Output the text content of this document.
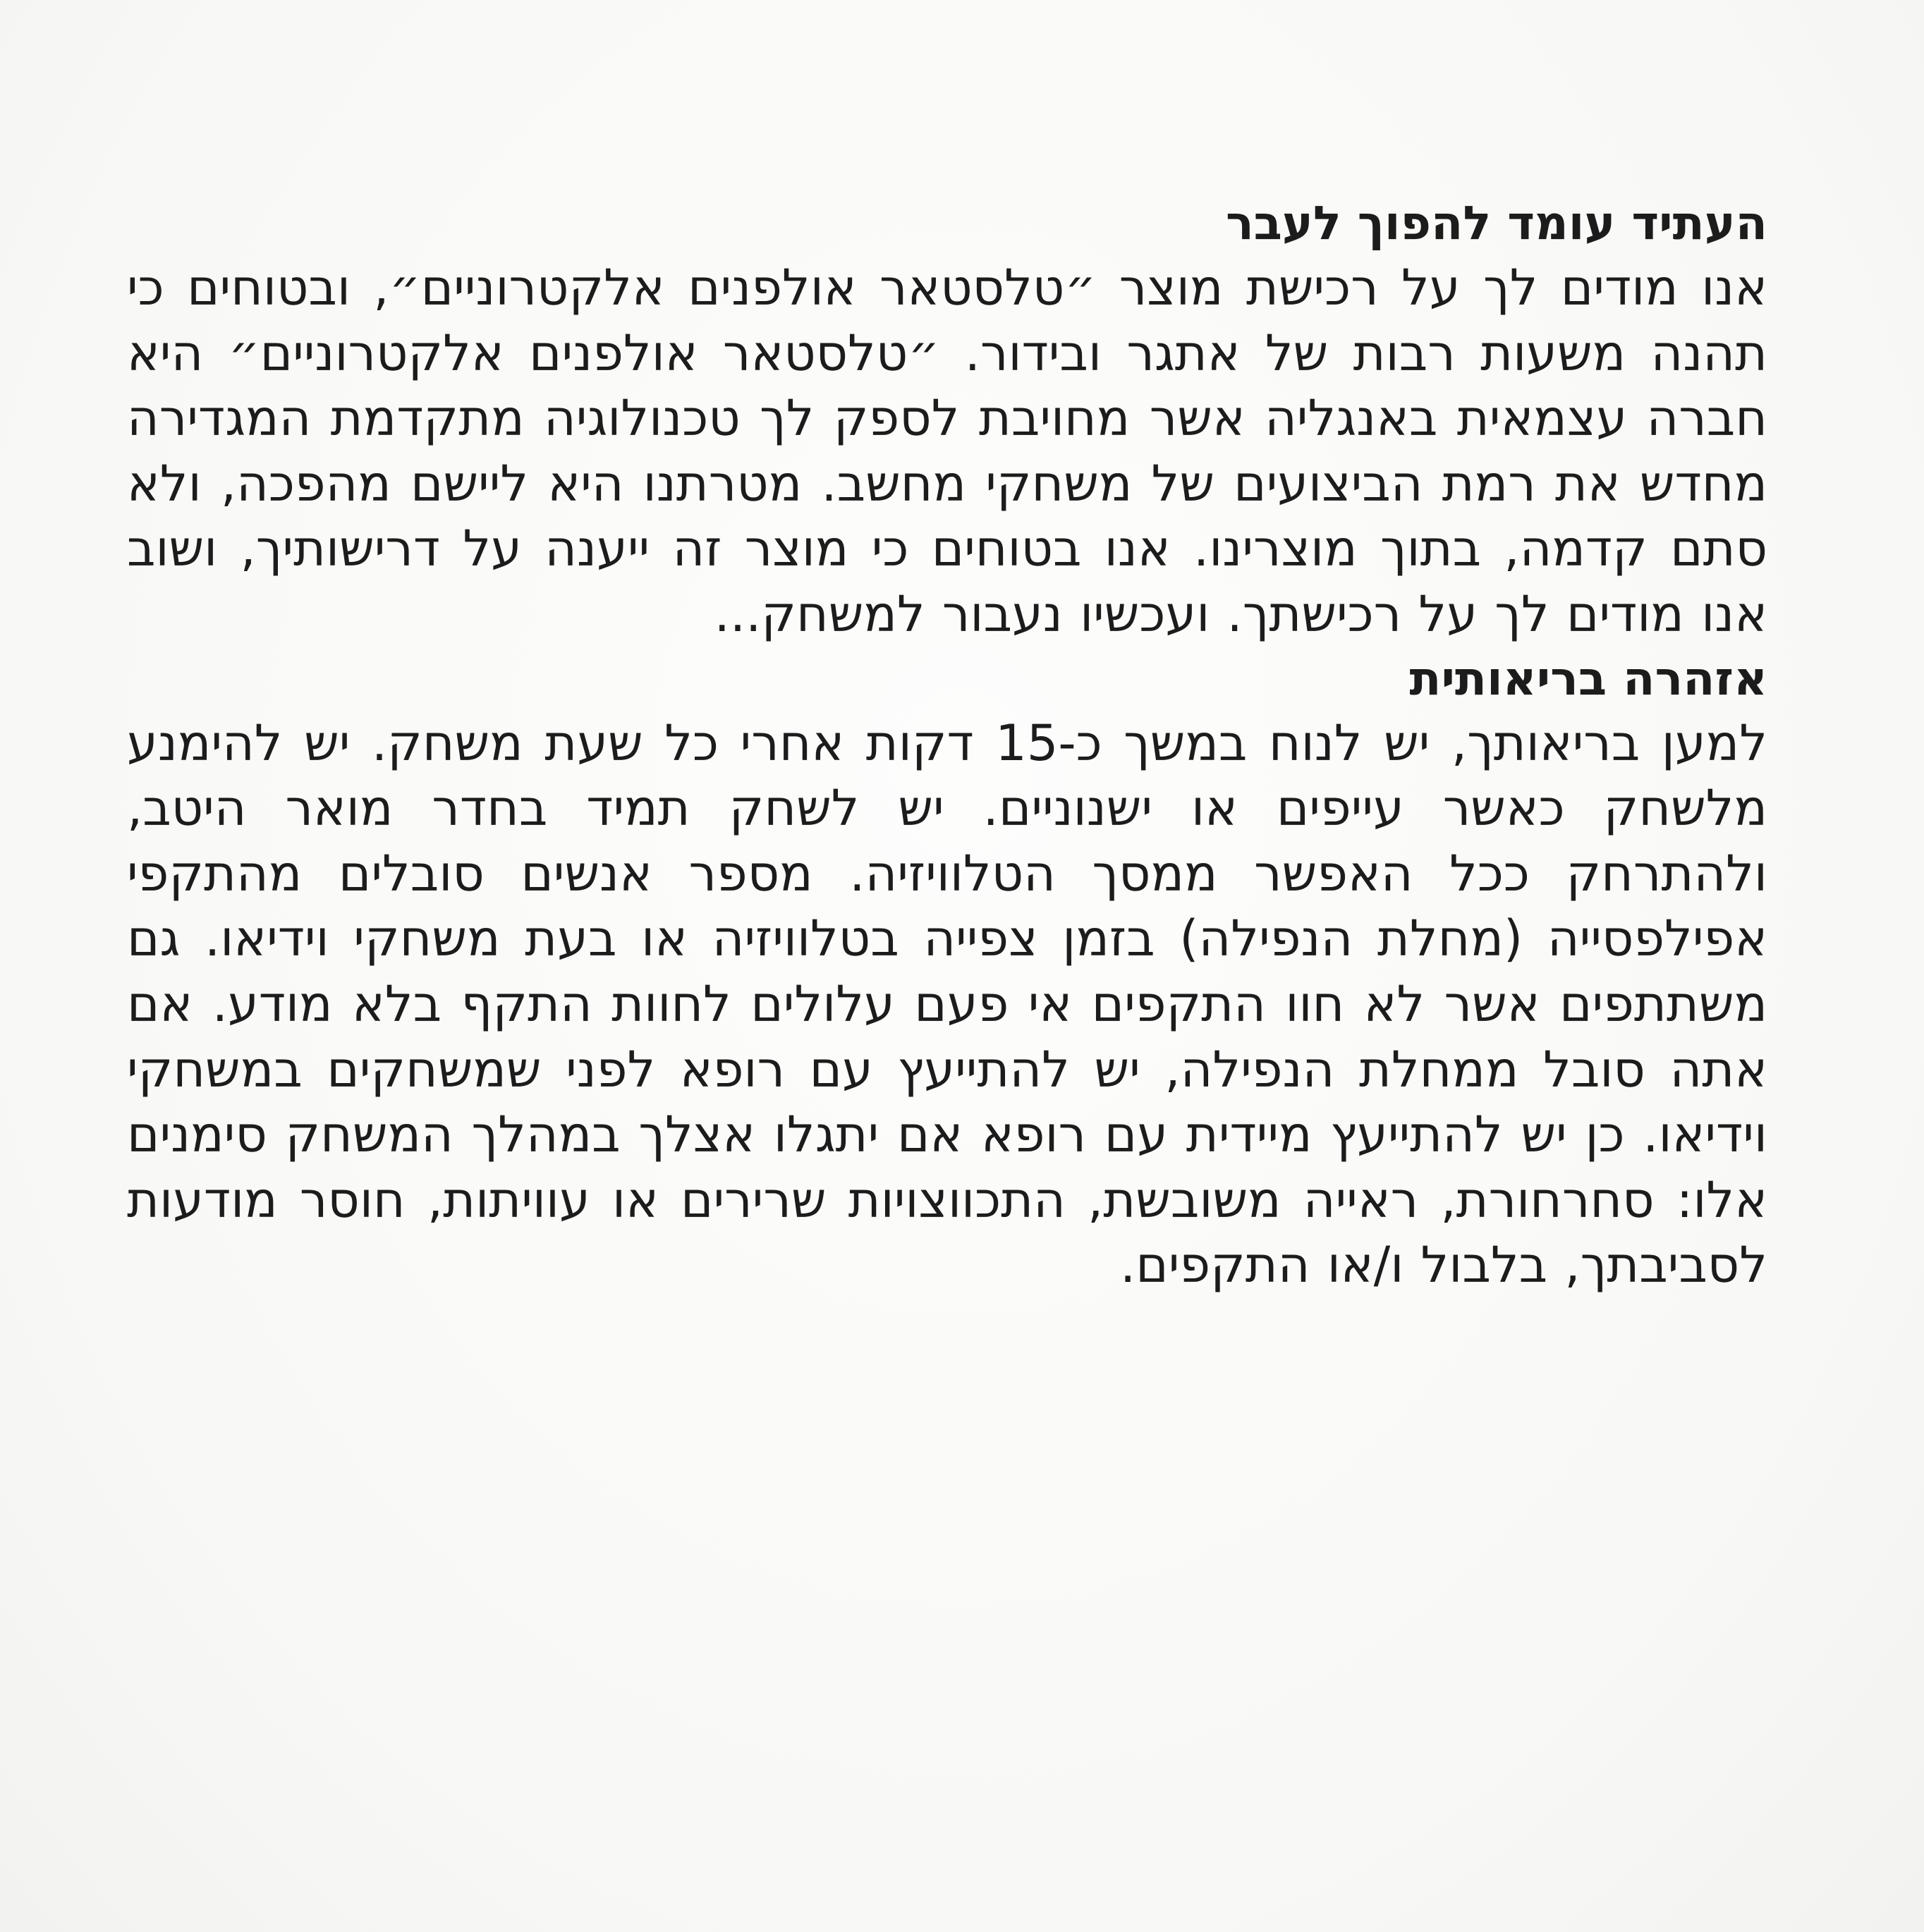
העתיד עומד להפוך לעבר

אנו מודים לך על רכישת מוצר ״טלסטאר אולפנים אלקטרוניים״, ובטוחים כי תהנה משעות רבות של אתגר ובידור. ״טלסטאר אולפנים אלקטרוניים״ היא חברה עצמאית באנגליה אשר מחויבת לספק לך טכנולוגיה מתקדמת המגדירה מחדש את רמת הביצועים של משחקי מחשב. מטרתנו היא ליישם מהפכה, ולא סתם קדמה, בתוך מוצרינו. אנו בטוחים כי מוצר זה ייענה על דרישותיך, ושוב אנו מודים לך על רכישתך. ועכשיו נעבור למשחק...

אזהרה בריאותית

למען בריאותך, יש לנוח במשך כ-15 דקות אחרי כל שעת משחק. יש להימנע מלשחק כאשר עייפים או ישנוניים. יש לשחק תמיד בחדר מואר היטב, ולהתרחק ככל האפשר ממסך הטלוויזיה. מספר אנשים סובלים מהתקפי אפילפסייה (מחלת הנפילה) בזמן צפייה בטלוויזיה או בעת משחקי וידיאו. גם משתתפים אשר לא חוו התקפים אי פעם עלולים לחוות התקף בלא מודע. אם אתה סובל ממחלת הנפילה, יש להתייעץ עם רופא לפני שמשחקים במשחקי וידיאו. כן יש להתייעץ מיידית עם רופא אם יתגלו אצלך במהלך המשחק סימנים אלו: סחרחורת, ראייה משובשת, התכווצויות שרירים או עוויתות, חוסר מודעות לסביבתך, בלבול ו/או התקפים.
